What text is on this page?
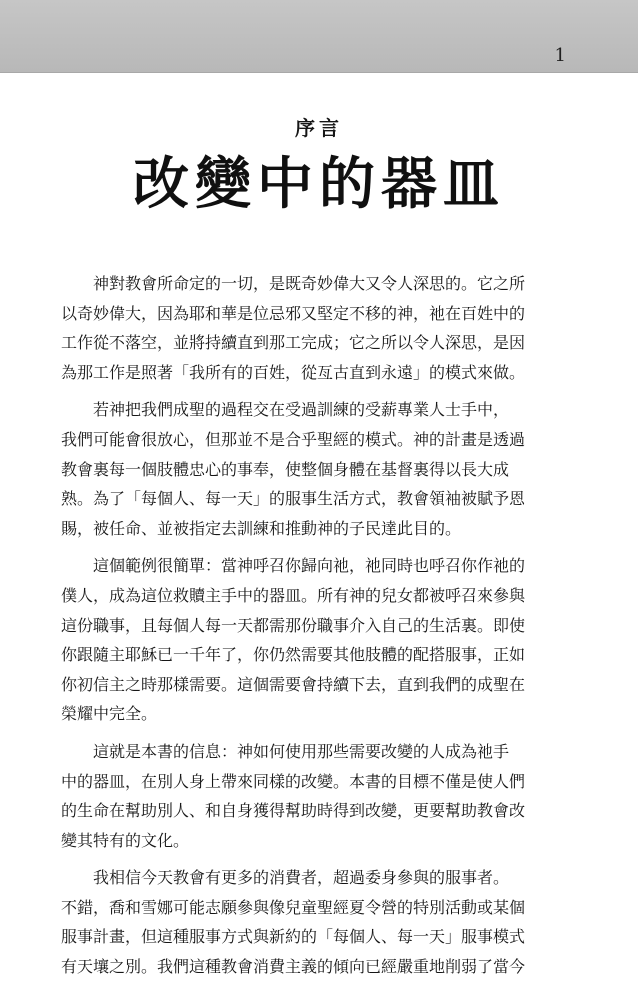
1
序言
改變中的器皿

神對教會所命定的一切，是既奇妙偉大又令人深思的。它之所
以奇妙偉大，因為耶和華是位忌邪又堅定不移的神，祂在百姓中的
工作從不落空，並將持續直到那工完成；它之所以令人深思，是因
為那工作是照著「我所有的百姓，從亙古直到永遠」的模式來做。

若神把我們成聖的過程交在受過訓練的受薪專業人士手中，
我們可能會很放心，但那並不是合乎聖經的模式。神的計畫是透過
教會裏每一個肢體忠心的事奉，使整個身體在基督裏得以長大成
熟。為了「每個人、每一天」的服事生活方式，教會領袖被賦予恩
賜，被任命、並被指定去訓練和推動神的子民達此目的。

這個範例很簡單：當神呼召你歸向祂，祂同時也呼召你作祂的
僕人，成為這位救贖主手中的器皿。所有神的兒女都被呼召來參與
這份職事，且每個人每一天都需那份職事介入自己的生活裏。即使
你跟隨主耶穌已一千年了，你仍然需要其他肢體的配搭服事，正如
你初信主之時那樣需要。這個需要會持續下去，直到我們的成聖在
榮耀中完全。

這就是本書的信息：神如何使用那些需要改變的人成為祂手
中的器皿，在別人身上帶來同樣的改變。本書的目標不僅是使人們
的生命在幫助別人、和自身獲得幫助時得到改變，更要幫助教會改
變其特有的文化。

我相信今天教會有更多的消費者，超過委身參與的服事者。
不錯，喬和雪娜可能志願參與像兒童聖經夏令營的特別活動或某個
服事計畫，但這種服事方式與新約的「每個人、每一天」服事模式
有天壤之別。我們這種教會消費主義的傾向已經嚴重地削弱了當今
